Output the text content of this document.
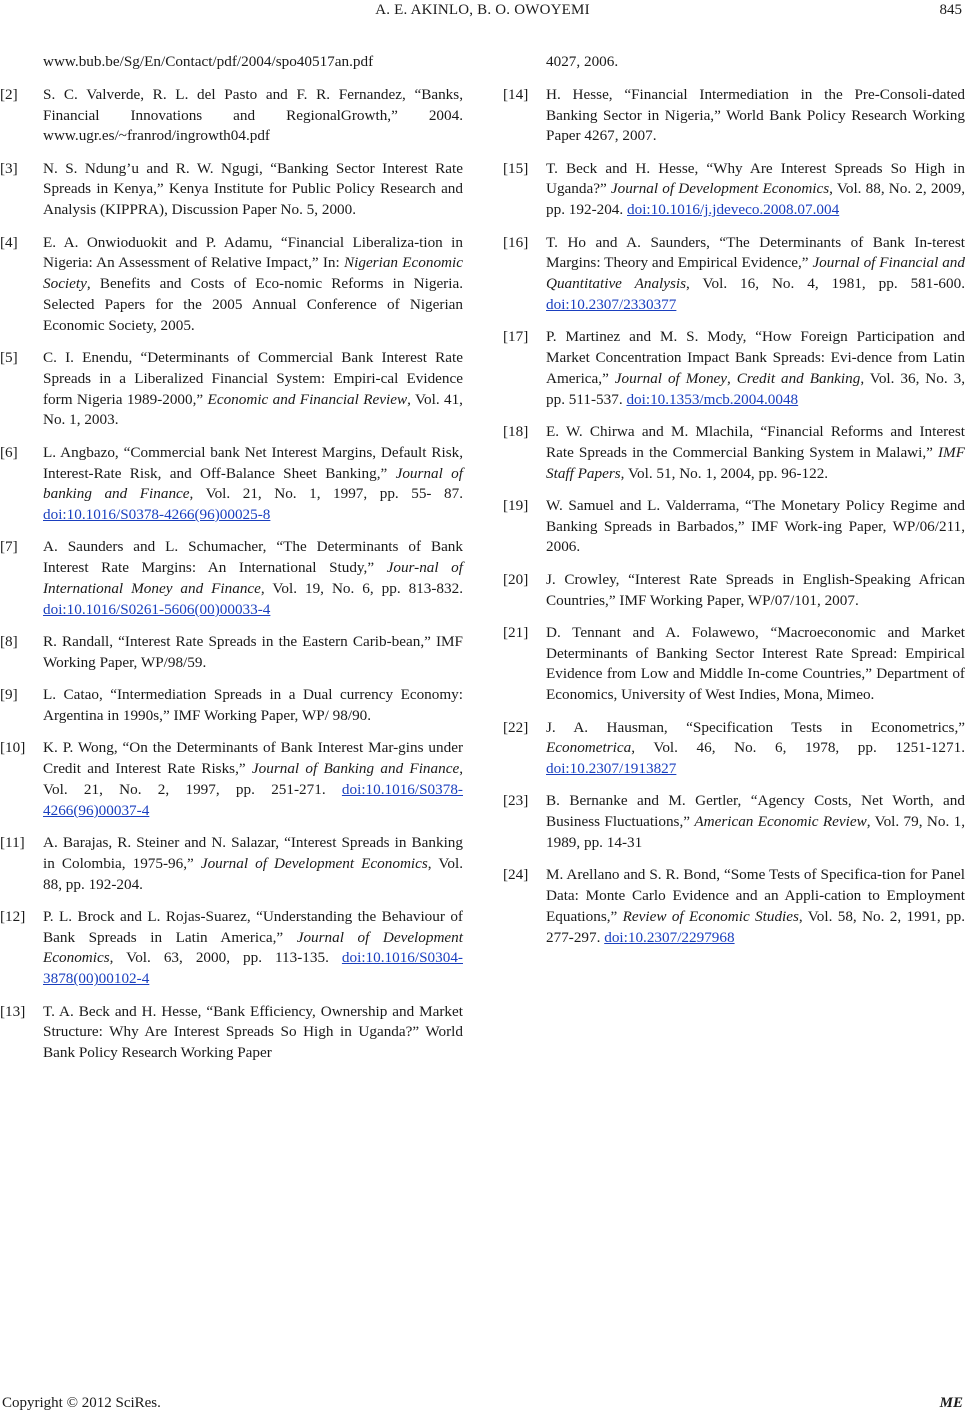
A. E. AKINLO, B. O. OWOYEMI	845
www.bub.be/Sg/En/Contact/pdf/2004/spo40517an.pdf
[2] S. C. Valverde, R. L. del Pasto and F. R. Fernandez, “Banks, Financial Innovations and RegionalGrowth,” 2004. www.ugr.es/~franrod/ingrowth04.pdf
[3] N. S. Ndung’u and R. W. Ngugi, “Banking Sector Interest Rate Spreads in Kenya,” Kenya Institute for Public Policy Research and Analysis (KIPPRA), Discussion Paper No. 5, 2000.
[4] E. A. Onwioduokit and P. Adamu, “Financial Liberaliza-tion in Nigeria: An Assessment of Relative Impact,” In: Nigerian Economic Society, Benefits and Costs of Eco-nomic Reforms in Nigeria. Selected Papers for the 2005 Annual Conference of Nigerian Economic Society, 2005.
[5] C. I. Enendu, “Determinants of Commercial Bank Interest Rate Spreads in a Liberalized Financial System: Empiri-cal Evidence form Nigeria 1989-2000,” Economic and Financial Review, Vol. 41, No. 1, 2003.
[6] L. Angbazo, “Commercial bank Net Interest Margins, Default Risk, Interest-Rate Risk, and Off-Balance Sheet Banking,” Journal of banking and Finance, Vol. 21, No. 1, 1997, pp. 55- 87. doi:10.1016/S0378-4266(96)00025-8
[7] A. Saunders and L. Schumacher, “The Determinants of Bank Interest Rate Margins: An International Study,” Jour-nal of International Money and Finance, Vol. 19, No. 6, pp. 813-832. doi:10.1016/S0261-5606(00)00033-4
[8] R. Randall, “Interest Rate Spreads in the Eastern Carib-bean,” IMF Working Paper, WP/98/59.
[9] L. Catao, “Intermediation Spreads in a Dual currency Economy: Argentina in 1990s,” IMF Working Paper, WP/ 98/90.
[10] K. P. Wong, “On the Determinants of Bank Interest Mar-gins under Credit and Interest Rate Risks,” Journal of Banking and Finance, Vol. 21, No. 2, 1997, pp. 251-271. doi:10.1016/S0378-4266(96)00037-4
[11] A. Barajas, R. Steiner and N. Salazar, “Interest Spreads in Banking in Colombia, 1975-96,” Journal of Development Economics, Vol. 88, pp. 192-204.
[12] P. L. Brock and L. Rojas-Suarez, “Understanding the Behaviour of Bank Spreads in Latin America,” Journal of Development Economics, Vol. 63, 2000, pp. 113-135. doi:10.1016/S0304-3878(00)00102-4
[13] T. A. Beck and H. Hesse, “Bank Efficiency, Ownership and Market Structure: Why Are Interest Spreads So High in Uganda?” World Bank Policy Research Working Paper
4027, 2006.
[14] H. Hesse, “Financial Intermediation in the Pre-Consoli-dated Banking Sector in Nigeria,” World Bank Policy Research Working Paper 4267, 2007.
[15] T. Beck and H. Hesse, “Why Are Interest Spreads So High in Uganda?” Journal of Development Economics, Vol. 88, No. 2, 2009, pp. 192-204. doi:10.1016/j.jdeveco.2008.07.004
[16] T. Ho and A. Saunders, “The Determinants of Bank In-terest Margins: Theory and Empirical Evidence,” Journal of Financial and Quantitative Analysis, Vol. 16, No. 4, 1981, pp. 581-600. doi:10.2307/2330377
[17] P. Martinez and M. S. Mody, “How Foreign Participation and Market Concentration Impact Bank Spreads: Evi-dence from Latin America,” Journal of Money, Credit and Banking, Vol. 36, No. 3, pp. 511-537. doi:10.1353/mcb.2004.0048
[18] E. W. Chirwa and M. Mlachila, “Financial Reforms and Interest Rate Spreads in the Commercial Banking System in Malawi,” IMF Staff Papers, Vol. 51, No. 1, 2004, pp. 96-122.
[19] W. Samuel and L. Valderrama, “The Monetary Policy Regime and Banking Spreads in Barbados,” IMF Work-ing Paper, WP/06/211, 2006.
[20] J. Crowley, “Interest Rate Spreads in English-Speaking African Countries,” IMF Working Paper, WP/07/101, 2007.
[21] D. Tennant and A. Folawewo, “Macroeconomic and Market Determinants of Banking Sector Interest Rate Spread: Empirical Evidence from Low and Middle In-come Countries,” Department of Economics, University of West Indies, Mona, Mimeo.
[22] J. A. Hausman, “Specification Tests in Econometrics,” Econometrica, Vol. 46, No. 6, 1978, pp. 1251-1271. doi:10.2307/1913827
[23] B. Bernanke and M. Gertler, “Agency Costs, Net Worth, and Business Fluctuations,” American Economic Review, Vol. 79, No. 1, 1989, pp. 14-31
[24] M. Arellano and S. R. Bond, “Some Tests of Specifica-tion for Panel Data: Monte Carlo Evidence and an Appli-cation to Employment Equations,” Review of Economic Studies, Vol. 58, No. 2, 1991, pp. 277-297. doi:10.2307/2297968
Copyright © 2012 SciRes.	ME
